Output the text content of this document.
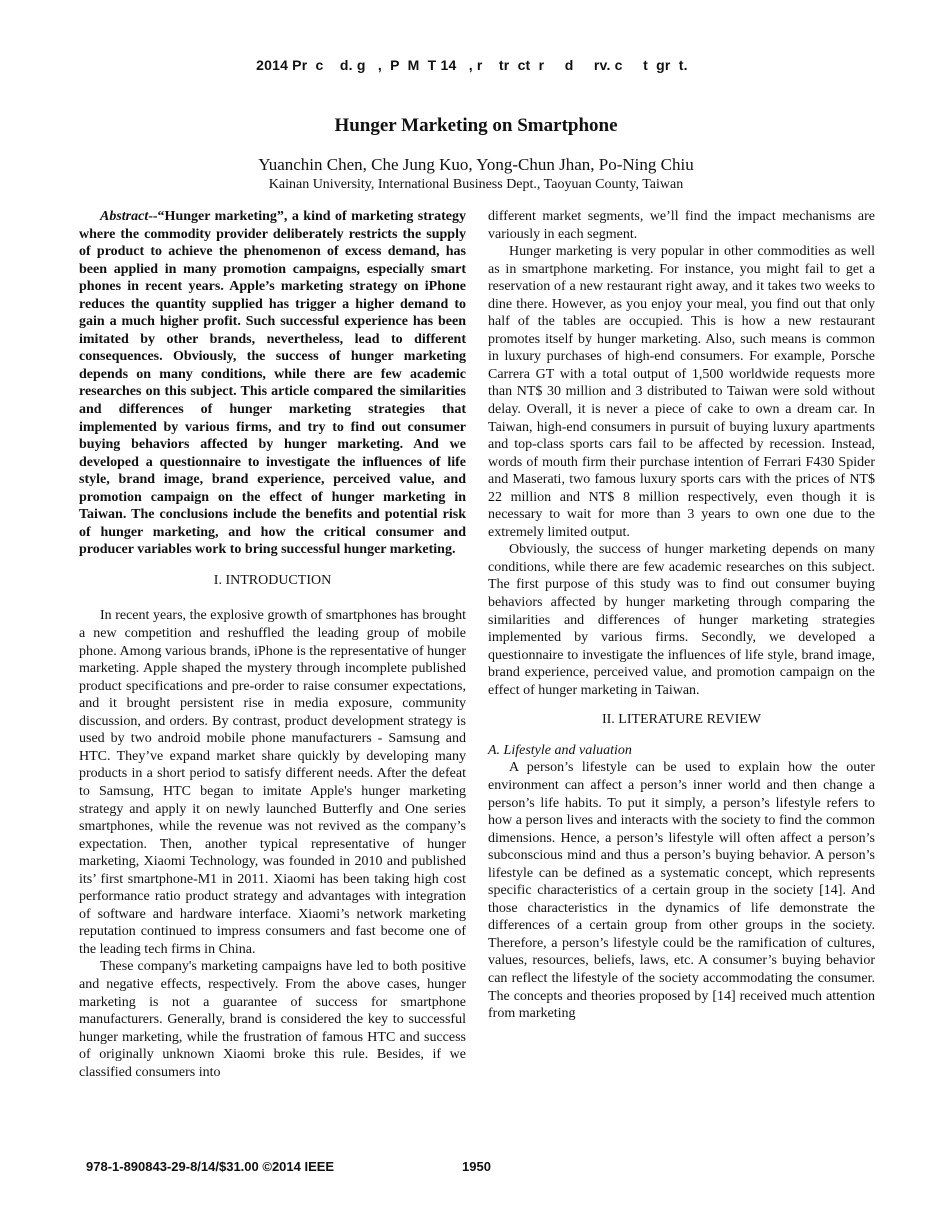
2014 Pr  c    d. g   ,  P  M  T 14   , r    tr  ct  r     d     rv. c     t  gr  t.
Hunger Marketing on Smartphone
Yuanchin Chen, Che Jung Kuo, Yong-Chun Jhan, Po-Ning Chiu
Kainan University, International Business Dept., Taoyuan County, Taiwan

Abstract--“Hunger marketing”, a kind of marketing strategy where the commodity provider deliberately restricts the supply of product to achieve the phenomenon of excess demand, has been applied in many promotion campaigns, especially smart phones in recent years. Apple’s marketing strategy on iPhone reduces the quantity supplied has trigger a higher demand to gain a much higher profit. Such successful experience has been imitated by other brands, nevertheless, lead to different consequences. Obviously, the success of hunger marketing depends on many conditions, while there are few academic researches on this subject. This article compared the similarities and differences of hunger marketing strategies that implemented by various firms, and try to find out consumer buying behaviors affected by hunger marketing. And we developed a questionnaire to investigate the influences of life style, brand image, brand experience, perceived value, and promotion campaign on the effect of hunger marketing in Taiwan. The conclusions include the benefits and potential risk of hunger marketing, and how the critical consumer and producer variables work to bring successful hunger marketing.

I. INTRODUCTION

In recent years, the explosive growth of smartphones has brought a new competition and reshuffled the leading group of mobile phone. Among various brands, iPhone is the representative of hunger marketing. Apple shaped the mystery through incomplete published product specifications and pre-order to raise consumer expectations, and it brought persistent rise in media exposure, community discussion, and orders. By contrast, product development strategy is used by two android mobile phone manufacturers - Samsung and HTC. They’ve expand market share quickly by developing many products in a short period to satisfy different needs. After the defeat to Samsung, HTC began to imitate Apple's hunger marketing strategy and apply it on newly launched Butterfly and One series smartphones, while the revenue was not revived as the company’s expectation. Then, another typical representative of hunger marketing, Xiaomi Technology, was founded in 2010 and published its’ first smartphone-M1 in 2011. Xiaomi has been taking high cost performance ratio product strategy and advantages with integration of software and hardware interface. Xiaomi’s network marketing reputation continued to impress consumers and fast become one of the leading tech firms in China.

These company's marketing campaigns have led to both positive and negative effects, respectively. From the above cases, hunger marketing is not a guarantee of success for smartphone manufacturers. Generally, brand is considered the key to successful hunger marketing, while the frustration of famous HTC and success of originally unknown Xiaomi broke this rule. Besides, if we classified consumers into

different market segments, we’ll find the impact mechanisms are variously in each segment.

Hunger marketing is very popular in other commodities as well as in smartphone marketing. For instance, you might fail to get a reservation of a new restaurant right away, and it takes two weeks to dine there. However, as you enjoy your meal, you find out that only half of the tables are occupied. This is how a new restaurant promotes itself by hunger marketing. Also, such means is common in luxury purchases of high-end consumers. For example, Porsche Carrera GT with a total output of 1,500 worldwide requests more than NT$ 30 million and 3 distributed to Taiwan were sold without delay. Overall, it is never a piece of cake to own a dream car. In Taiwan, high-end consumers in pursuit of buying luxury apartments and top-class sports cars fail to be affected by recession. Instead, words of mouth firm their purchase intention of Ferrari F430 Spider and Maserati, two famous luxury sports cars with the prices of NT$ 22 million and NT$ 8 million respectively, even though it is necessary to wait for more than 3 years to own one due to the extremely limited output.

Obviously, the success of hunger marketing depends on many conditions, while there are few academic researches on this subject. The first purpose of this study was to find out consumer buying behaviors affected by hunger marketing through comparing the similarities and differences of hunger marketing strategies implemented by various firms. Secondly, we developed a questionnaire to investigate the influences of life style, brand image, brand experience, perceived value, and promotion campaign on the effect of hunger marketing in Taiwan.

II. LITERATURE REVIEW
A. Lifestyle and valuation

A person’s lifestyle can be used to explain how the outer environment can affect a person’s inner world and then change a person’s life habits. To put it simply, a person’s lifestyle refers to how a person lives and interacts with the society to find the common dimensions. Hence, a person’s lifestyle will often affect a person’s subconscious mind and thus a person’s buying behavior. A person’s lifestyle can be defined as a systematic concept, which represents specific characteristics of a certain group in the society [14]. And those characteristics in the dynamics of life demonstrate the differences of a certain group from other groups in the society. Therefore, a person’s lifestyle could be the ramification of cultures, values, resources, beliefs, laws, etc. A consumer’s buying behavior can reflect the lifestyle of the society accommodating the consumer. The concepts and theories proposed by [14] received much attention from marketing

978-1-890843-29-8/14/$31.00 ©2014 IEEE	1950
